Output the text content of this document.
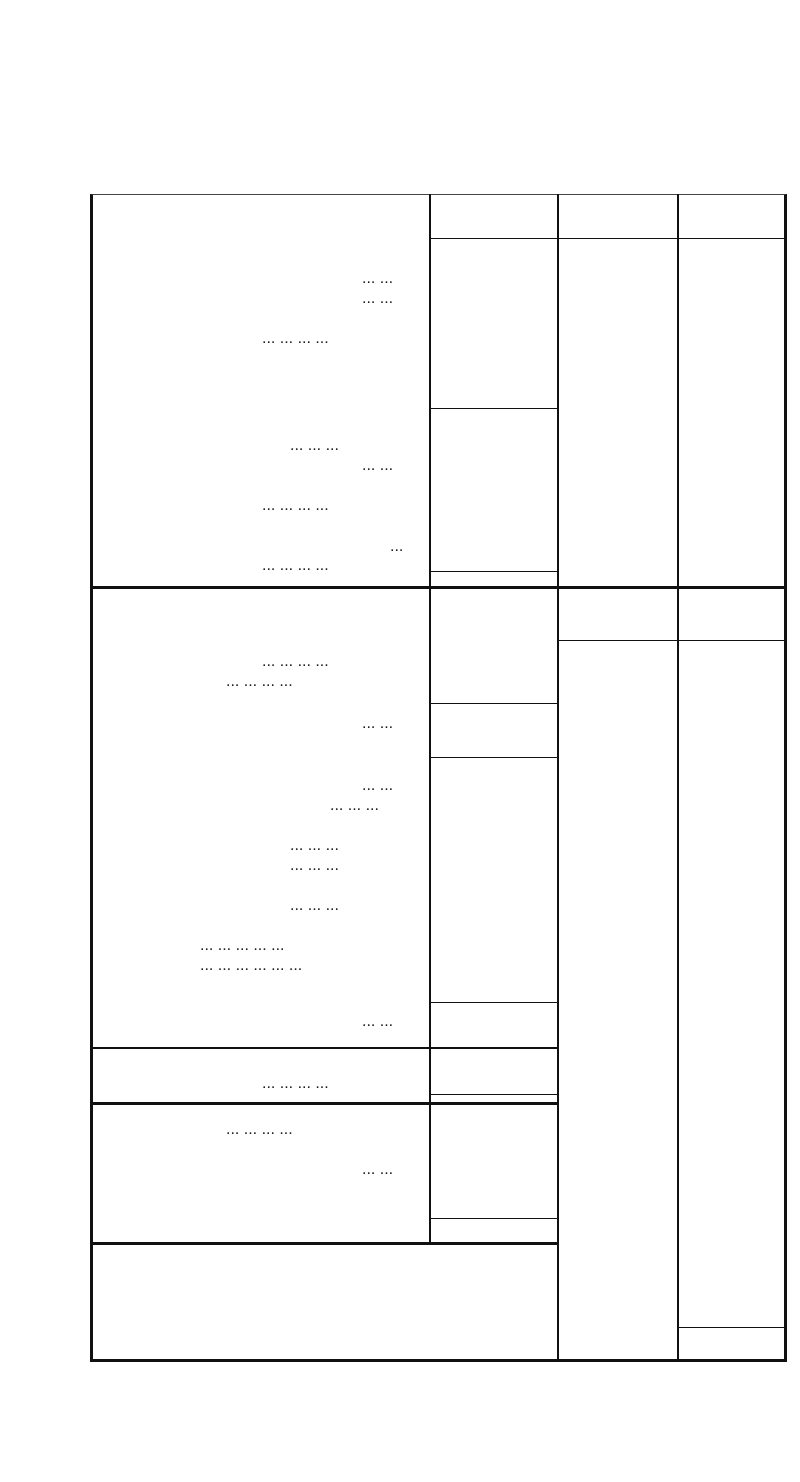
... ...
... ...
... ... ... ...
... ... ...
... ...
... ... ... ...
...
... ... ... ...
... ... ... ...
... ... ... ...
... ...
... ...
... ... ...
... ... ...
... ... ...
... ... ...
... ... ... ... ...
... ... ... ... ... ...
... ...
... ... ... ...
... ... ... ...
... ...
